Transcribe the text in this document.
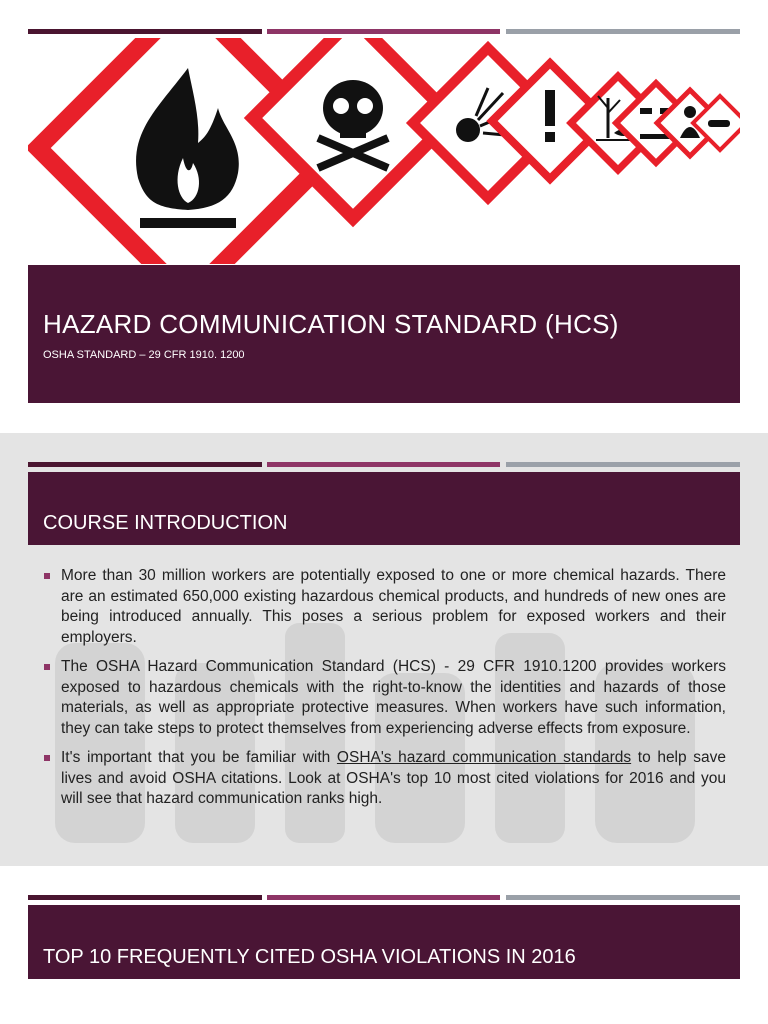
HAZARD COMMUNICATION STANDARD (HCS)
OSHA STANDARD – 29 CFR 1910. 1200
COURSE INTRODUCTION
More than 30 million workers are potentially exposed to one or more chemical hazards. There are an estimated 650,000 existing hazardous chemical products, and hundreds of new ones are being introduced annually. This poses a serious problem for exposed workers and their employers.
The OSHA Hazard Communication Standard (HCS) - 29 CFR 1910.1200 provides workers exposed to hazardous chemicals with the right-to-know the identities and hazards of those materials, as well as appropriate protective measures. When workers have such information, they can take steps to protect themselves from experiencing adverse effects from exposure.
It's important that you be familiar with OSHA's hazard communication standards to help save lives and avoid OSHA citations. Look at OSHA's top 10 most cited violations for 2016 and you will see that hazard communication ranks high.
TOP 10 FREQUENTLY CITED OSHA VIOLATIONS IN 2016
